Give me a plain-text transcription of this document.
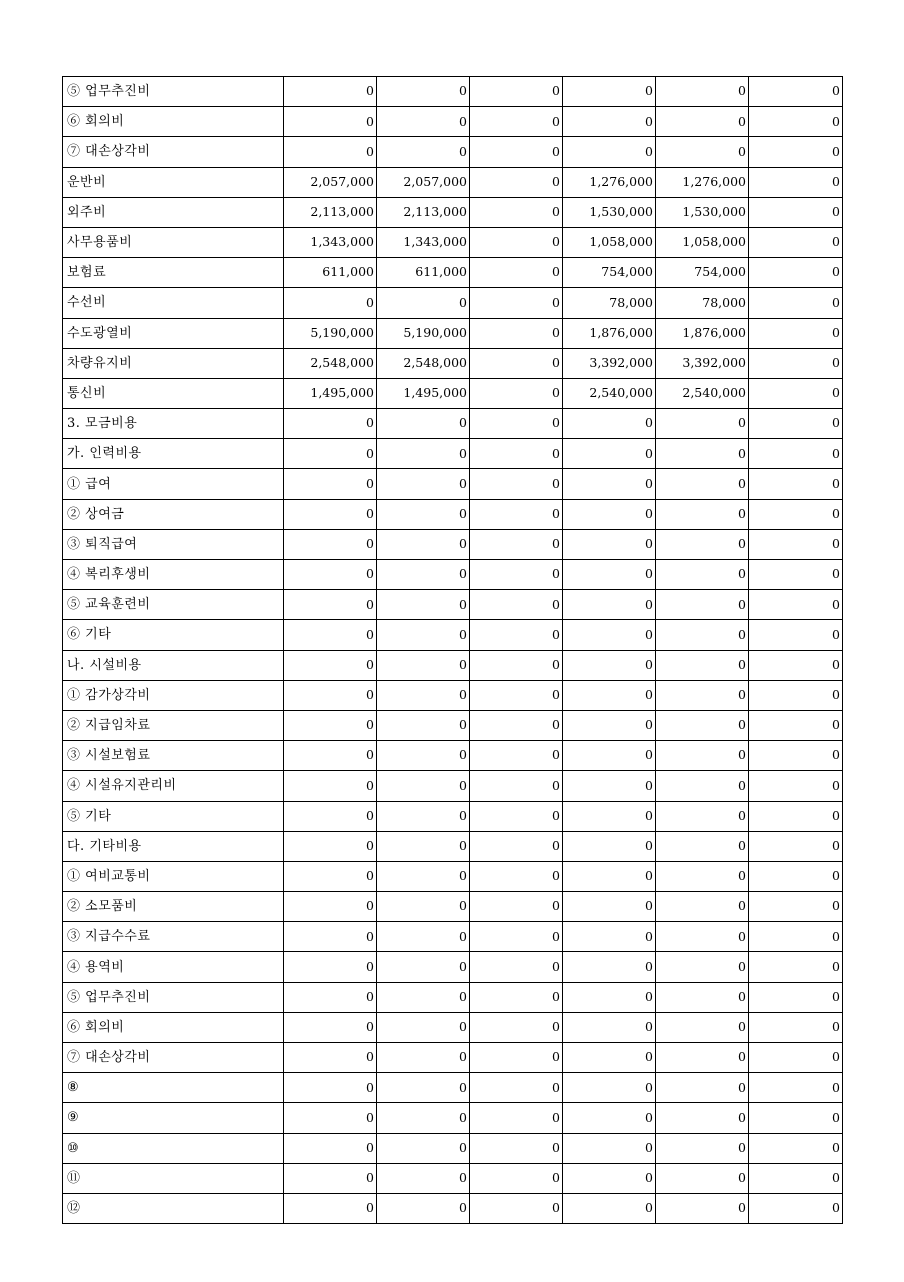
⑤ 업무추진비	0	0	0	0	0	0
⑥ 회의비	0	0	0	0	0	0
⑦ 대손상각비	0	0	0	0	0	0
운반비	2,057,000	2,057,000	0	1,276,000	1,276,000	0
외주비	2,113,000	2,113,000	0	1,530,000	1,530,000	0
사무용품비	1,343,000	1,343,000	0	1,058,000	1,058,000	0
보험료	611,000	611,000	0	754,000	754,000	0
수선비	0	0	0	78,000	78,000	0
수도광열비	5,190,000	5,190,000	0	1,876,000	1,876,000	0
차량유지비	2,548,000	2,548,000	0	3,392,000	3,392,000	0
통신비	1,495,000	1,495,000	0	2,540,000	2,540,000	0
3. 모금비용	0	0	0	0	0	0
가. 인력비용	0	0	0	0	0	0
① 급여	0	0	0	0	0	0
② 상여금	0	0	0	0	0	0
③ 퇴직급여	0	0	0	0	0	0
④ 복리후생비	0	0	0	0	0	0
⑤ 교육훈련비	0	0	0	0	0	0
⑥ 기타	0	0	0	0	0	0
나. 시설비용	0	0	0	0	0	0
① 감가상각비	0	0	0	0	0	0
② 지급임차료	0	0	0	0	0	0
③ 시설보험료	0	0	0	0	0	0
④ 시설유지관리비	0	0	0	0	0	0
⑤ 기타	0	0	0	0	0	0
다. 기타비용	0	0	0	0	0	0
① 여비교통비	0	0	0	0	0	0
② 소모품비	0	0	0	0	0	0
③ 지급수수료	0	0	0	0	0	0
④ 용역비	0	0	0	0	0	0
⑤ 업무추진비	0	0	0	0	0	0
⑥ 회의비	0	0	0	0	0	0
⑦ 대손상각비	0	0	0	0	0	0
⑧	0	0	0	0	0	0
⑨	0	0	0	0	0	0
⑩	0	0	0	0	0	0
⑪	0	0	0	0	0	0
⑫	0	0	0	0	0	0
